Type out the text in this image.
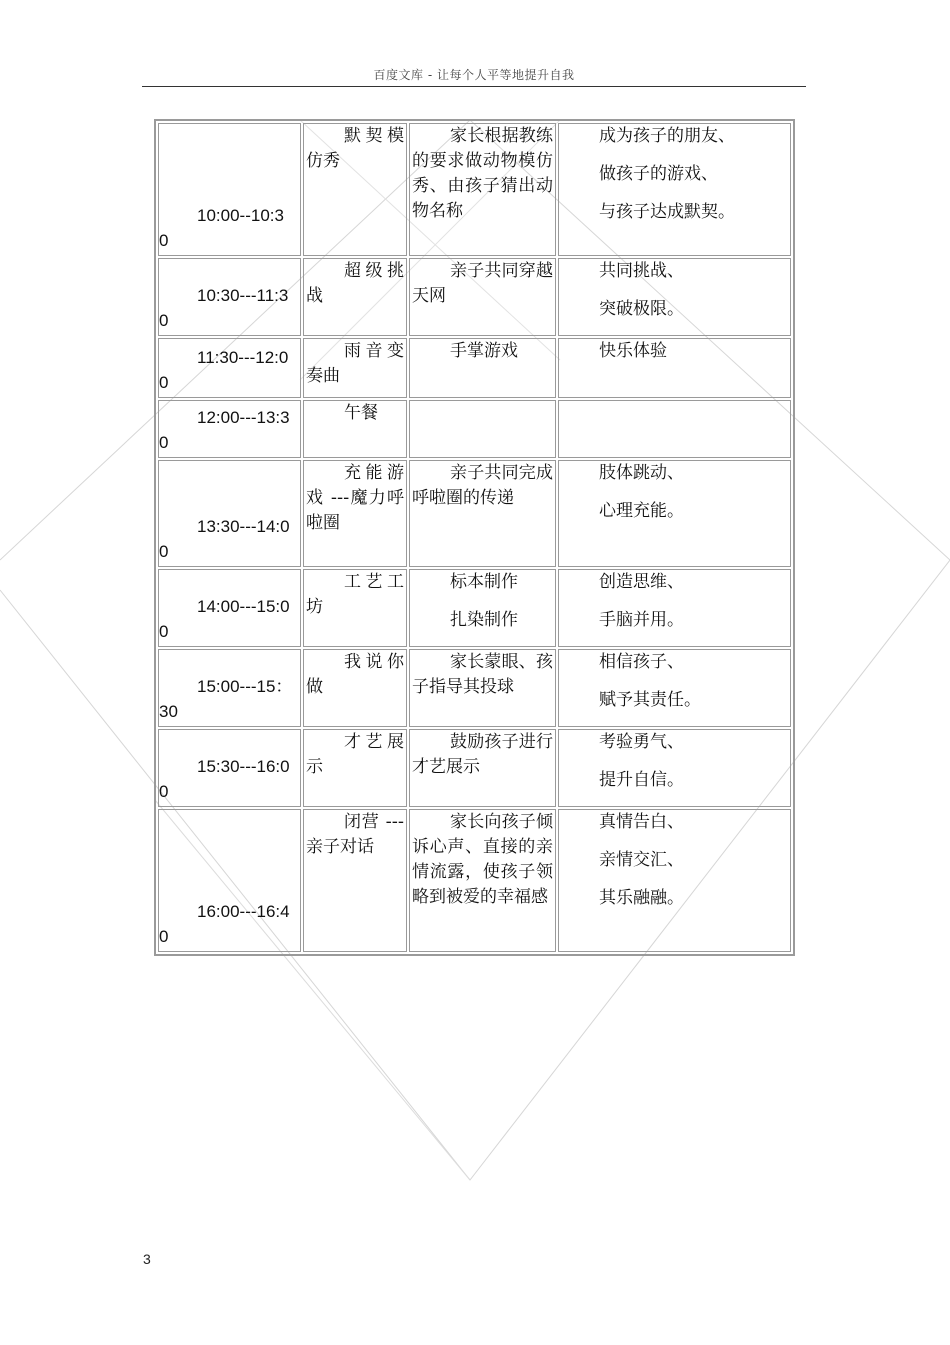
百度文库 - 让每个人平等地提升自我
10:00--10:3
0	默契模仿秀	家长根据教练的要求做动物模仿秀、由孩子猜出动物名称	成为孩子的朋友、
做孩子的游戏、
与孩子达成默契。

10:30---11:3
0	超级挑战	亲子共同穿越天网	共同挑战、
突破极限。

11:30---12:0
0	雨音变奏曲	手掌游戏	快乐体验

12:00---13:3
0	午餐		

13:30---14:0
0	充能游戏 ---魔力呼啦圈	亲子共同完成呼啦圈的传递	肢体跳动、
心理充能。

14:00---15:0
0	工艺工坊	标本制作
扎染制作	创造思维、
手脑并用。

15:00---15：
30	我说你做	家长蒙眼、孩子指导其投球	相信孩子、
赋予其责任。

15:30---16:0
0	才艺展示	鼓励孩子进行才艺展示	考验勇气、
提升自信。

16:00---16:4
0	闭营 ---亲子对话	家长向孩子倾诉心声、直接的亲情流露，使孩子领略到被爱的幸福感	真情告白、
亲情交汇、
其乐融融。
3
